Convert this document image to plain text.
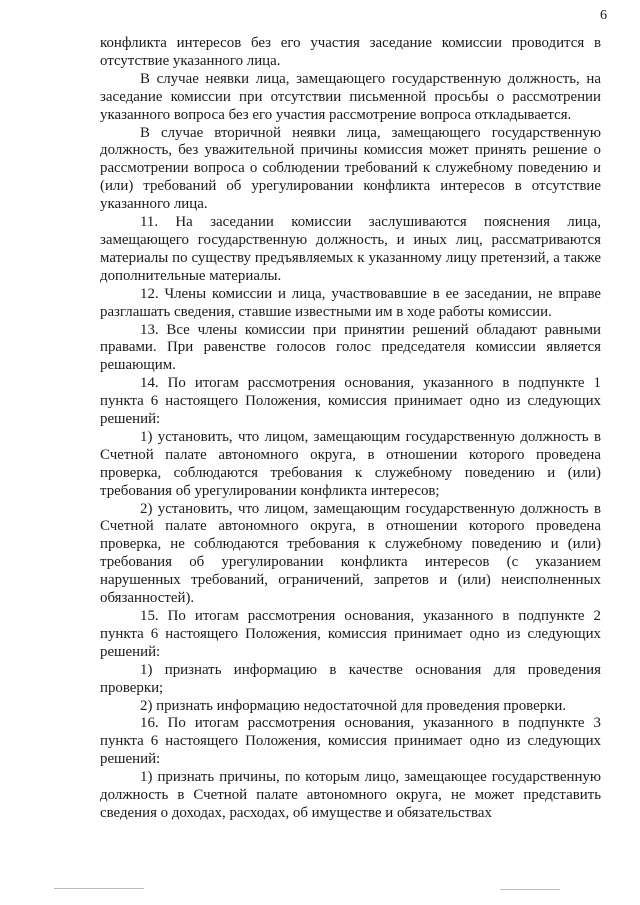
6

конфликта интересов без его участия заседание комиссии проводится в отсутствие указанного лица.

В случае неявки лица, замещающего государственную должность, на заседание комиссии при отсутствии письменной просьбы о рассмотрении указанного вопроса без его участия рассмотрение вопроса откладывается.

В случае вторичной неявки лица, замещающего государственную должность, без уважительной причины комиссия может принять решение о рассмотрении вопроса о соблюдении требований к служебному поведению и (или) требований об урегулировании конфликта интересов в отсутствие указанного лица.

11. На заседании комиссии заслушиваются пояснения лица, замещающего государственную должность, и иных лиц, рассматриваются материалы по существу предъявляемых к указанному лицу претензий, а также дополнительные материалы.

12. Члены комиссии и лица, участвовавшие в ее заседании, не вправе разглашать сведения, ставшие известными им в ходе работы комиссии.

13. Все члены комиссии при принятии решений обладают равными правами. При равенстве голосов голос председателя комиссии является решающим.

14. По итогам рассмотрения основания, указанного в подпункте 1 пункта 6 настоящего Положения, комиссия принимает одно из следующих решений:

1) установить, что лицом, замещающим государственную должность в Счетной палате автономного округа, в отношении которого проведена проверка, соблюдаются требования к служебному поведению и (или) требования об урегулировании конфликта интересов;

2) установить, что лицом, замещающим государственную должность в Счетной палате автономного округа, в отношении которого проведена проверка, не соблюдаются требования к служебному поведению и (или) требования об урегулировании конфликта интересов (с указанием нарушенных требований, ограничений, запретов и (или) неисполненных обязанностей).

15. По итогам рассмотрения основания, указанного в подпункте 2 пункта 6 настоящего Положения, комиссия принимает одно из следующих решений:

1) признать информацию в качестве основания для проведения проверки;

2) признать информацию недостаточной для проведения проверки.

16. По итогам рассмотрения основания, указанного в подпункте 3 пункта 6 настоящего Положения, комиссия принимает одно из следующих решений:

1) признать причины, по которым лицо, замещающее государственную должность в Счетной палате автономного округа, не может представить сведения о доходах, расходах, об имуществе и обязательствах
